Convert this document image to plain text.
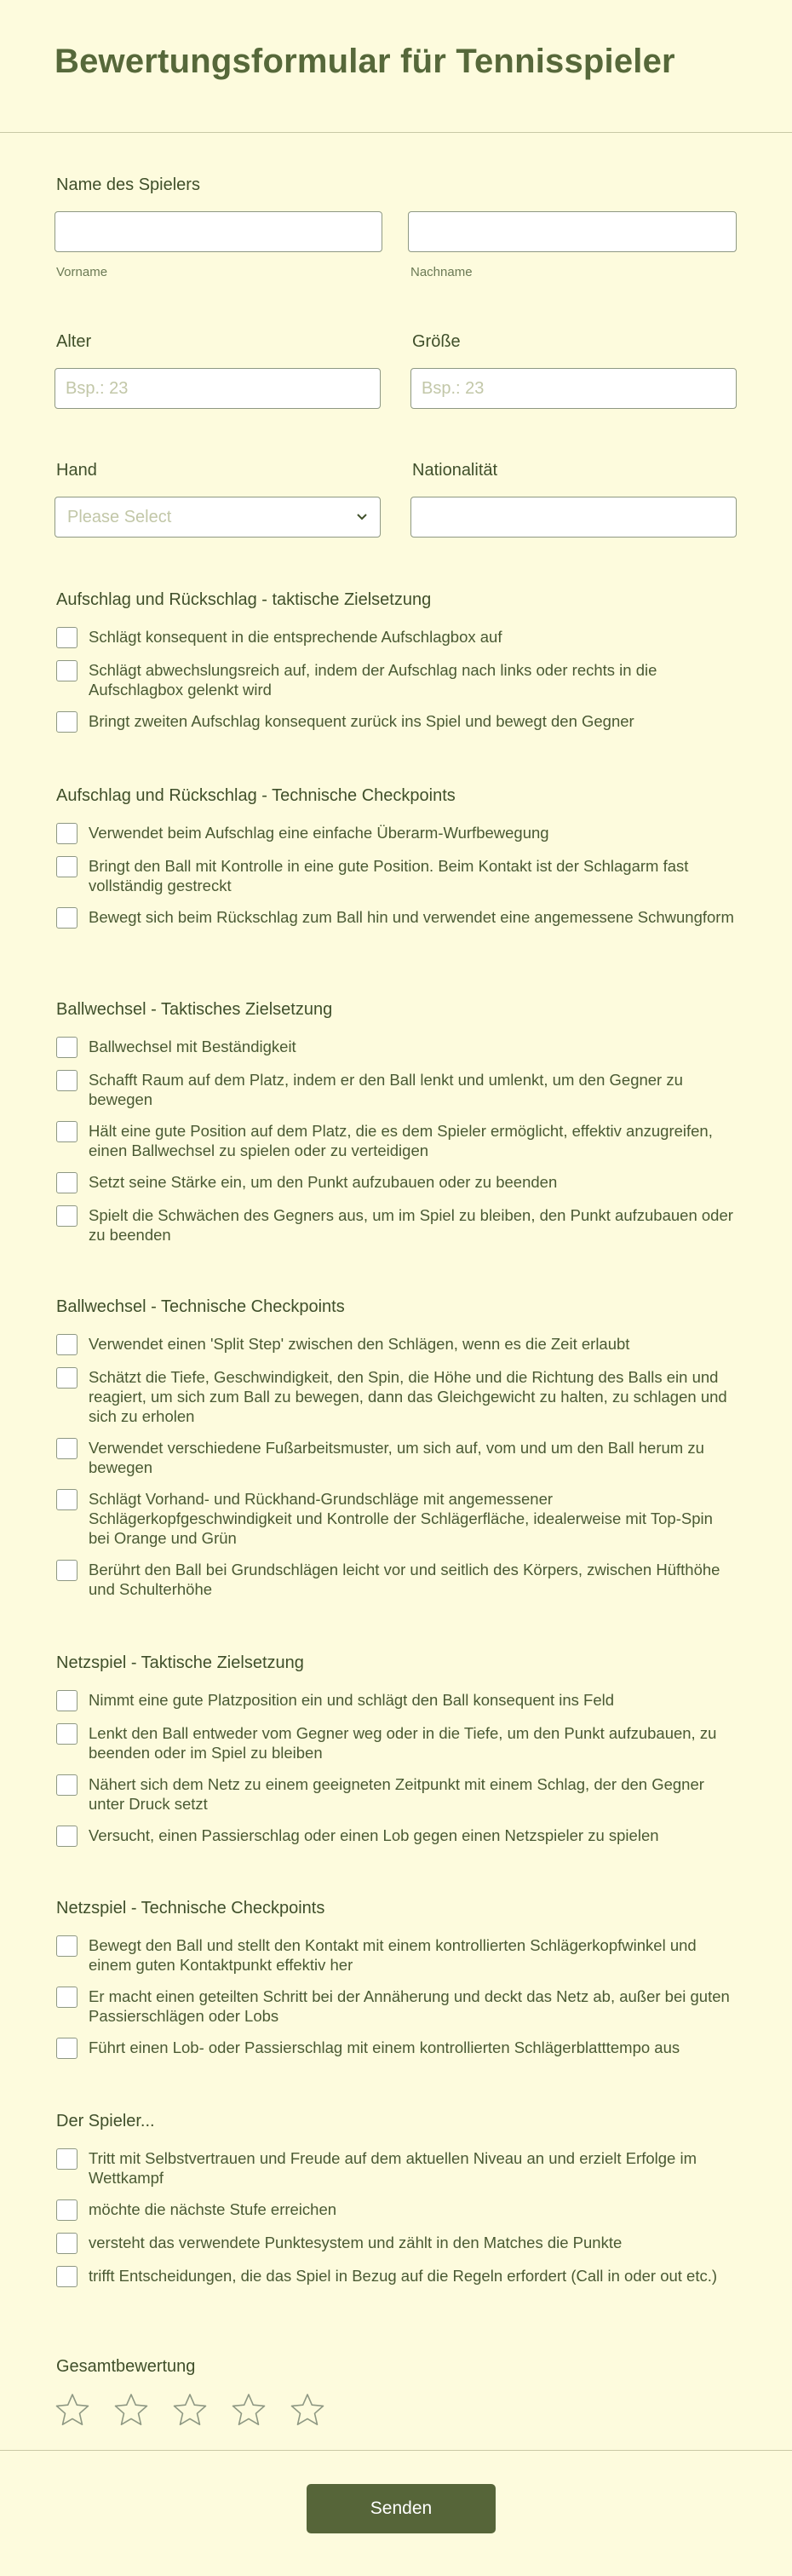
Bewertungsformular für Tennisspieler
Name des Spielers
Vorname	Nachname
Alter
Bsp.: 23	Größe
Bsp.: 23
Hand
Please Select
Nationalität
Aufschlag und Rückschlag - taktische Zielsetzung
Schlägt konsequent in die entsprechende Aufschlagbox auf
Schlägt abwechslungsreich auf, indem der Aufschlag nach links oder rechts in die Aufschlagbox gelenkt wird
Bringt zweiten Aufschlag konsequent zurück ins Spiel und bewegt den Gegner
Aufschlag und Rückschlag - Technische Checkpoints
Verwendet beim Aufschlag eine einfache Überarm-Wurfbewegung
Bringt den Ball mit Kontrolle in eine gute Position. Beim Kontakt ist der Schlagarm fast vollständig gestreckt
Bewegt sich beim Rückschlag zum Ball hin und verwendet eine angemessene Schwungform
Ballwechsel - Taktisches Zielsetzung
Ballwechsel mit Beständigkeit
Schafft Raum auf dem Platz, indem er den Ball lenkt und umlenkt, um den Gegner zu bewegen
Hält eine gute Position auf dem Platz, die es dem Spieler ermöglicht, effektiv anzugreifen, einen Ballwechsel zu spielen oder zu verteidigen
Setzt seine Stärke ein, um den Punkt aufzubauen oder zu beenden
Spielt die Schwächen des Gegners aus, um im Spiel zu bleiben, den Punkt aufzubauen oder zu beenden
Ballwechsel - Technische Checkpoints
Verwendet einen 'Split Step' zwischen den Schlägen, wenn es die Zeit erlaubt
Schätzt die Tiefe, Geschwindigkeit, den Spin, die Höhe und die Richtung des Balls ein und reagiert, um sich zum Ball zu bewegen, dann das Gleichgewicht zu halten, zu schlagen und sich zu erholen
Verwendet verschiedene Fußarbeitsmuster, um sich auf, vom und um den Ball herum zu bewegen
Schlägt Vorhand- und Rückhand-Grundschläge mit angemessener Schlägerkopfgeschwindigkeit und Kontrolle der Schlägerfläche, idealerweise mit Top-Spin bei Orange und Grün
Berührt den Ball bei Grundschlägen leicht vor und seitlich des Körpers, zwischen Hüfthöhe und Schulterhöhe
Netzspiel - Taktische Zielsetzung
Nimmt eine gute Platzposition ein und schlägt den Ball konsequent ins Feld
Lenkt den Ball entweder vom Gegner weg oder in die Tiefe, um den Punkt aufzubauen, zu beenden oder im Spiel zu bleiben
Nähert sich dem Netz zu einem geeigneten Zeitpunkt mit einem Schlag, der den Gegner unter Druck setzt
Versucht, einen Passierschlag oder einen Lob gegen einen Netzspieler zu spielen
Netzspiel - Technische Checkpoints
Bewegt den Ball und stellt den Kontakt mit einem kontrollierten Schlägerkopfwinkel und einem guten Kontaktpunkt effektiv her
Er macht einen geteilten Schritt bei der Annäherung und deckt das Netz ab, außer bei guten Passierschlägen oder Lobs
Führt einen Lob- oder Passierschlag mit einem kontrollierten Schlägerblatttempo aus
Der Spieler...
Tritt mit Selbstvertrauen und Freude auf dem aktuellen Niveau an und erzielt Erfolge im Wettkampf
möchte die nächste Stufe erreichen
versteht das verwendete Punktesystem und zählt in den Matches die Punkte
trifft Entscheidungen, die das Spiel in Bezug auf die Regeln erfordert (Call in oder out etc.)
Gesamtbewertung
Senden
